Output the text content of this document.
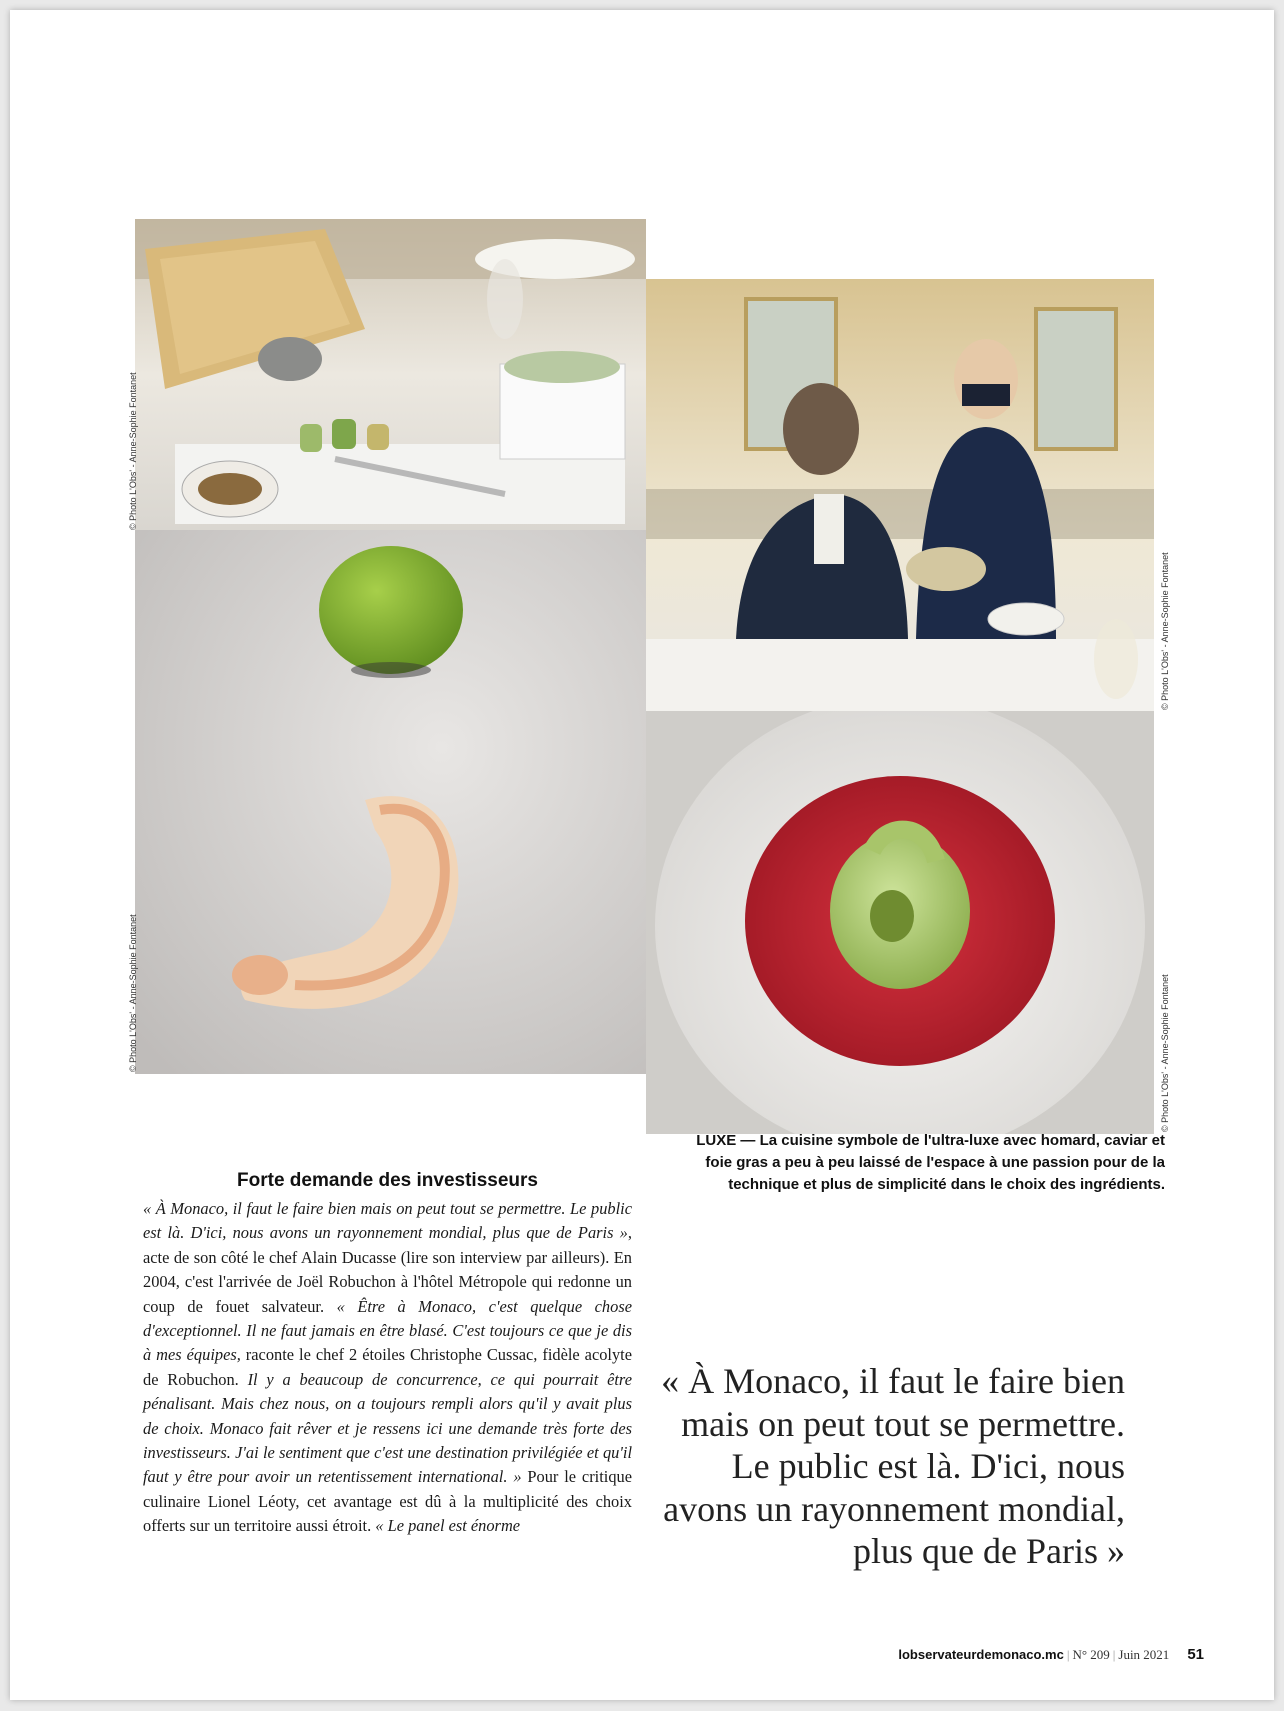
© Photo L'Obs' - Anne-Sophie Fontanet
© Photo L'Obs' - Anne-Sophie Fontanet
© Photo L'Obs' - Anne-Sophie Fontanet
© Photo L'Obs' - Anne-Sophie Fontanet
LUXE — La cuisine symbole de l'ultra-luxe avec homard, caviar et foie gras a peu à peu laissé de l'espace à une passion pour de la technique et plus de simplicité dans le choix des ingrédients.
Forte demande des investisseurs
« À Monaco, il faut le faire bien mais on peut tout se permettre. Le public est là. D'ici, nous avons un rayonnement mondial, plus que de Paris », acte de son côté le chef Alain Ducasse (lire son interview par ailleurs). En 2004, c'est l'arrivée de Joël Robuchon à l'hôtel Métropole qui redonne un coup de fouet salvateur. « Être à Monaco, c'est quelque chose d'exceptionnel. Il ne faut jamais en être blasé. C'est toujours ce que je dis à mes équipes, raconte le chef 2 étoiles Christophe Cussac, fidèle acolyte de Robuchon. Il y a beaucoup de concurrence, ce qui pourrait être pénalisant. Mais chez nous, on a toujours rempli alors qu'il y avait plus de choix. Monaco fait rêver et je ressens ici une demande très forte des investisseurs. J'ai le sentiment que c'est une destination privilégiée et qu'il faut y être pour avoir un retentissement international. » Pour le critique culinaire Lionel Léoty, cet avantage est dû à la multiplicité des choix offerts sur un territoire aussi étroit. « Le panel est énorme
« À Monaco, il faut le faire bien mais on peut tout se permettre. Le public est là. D'ici, nous avons un rayonnement mondial, plus que de Paris »
lobservateurdemonaco.mc | N° 209 | Juin 2021 51
